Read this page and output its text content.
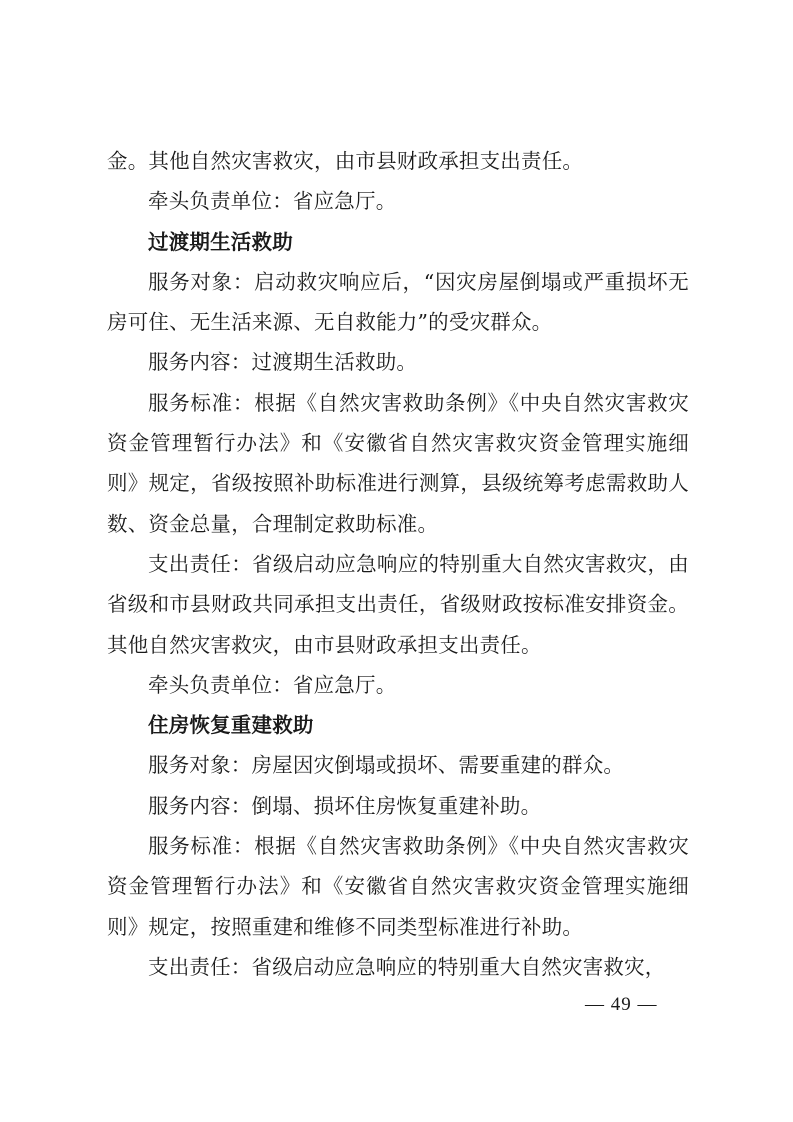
金。其他自然灾害救灾，由市县财政承担支出责任。

牵头负责单位：省应急厅。

过渡期生活救助

服务对象：启动救灾响应后，“因灾房屋倒塌或严重损坏无房可住、无生活来源、无自救能力”的受灾群众。

服务内容：过渡期生活救助。

服务标准：根据《自然灾害救助条例》《中央自然灾害救灾资金管理暂行办法》和《安徽省自然灾害救灾资金管理实施细则》规定，省级按照补助标准进行测算，县级统筹考虑需救助人数、资金总量，合理制定救助标准。

支出责任：省级启动应急响应的特别重大自然灾害救灾，由省级和市县财政共同承担支出责任，省级财政按标准安排资金。其他自然灾害救灾，由市县财政承担支出责任。

牵头负责单位：省应急厅。

住房恢复重建救助

服务对象：房屋因灾倒塌或损坏、需要重建的群众。

服务内容：倒塌、损坏住房恢复重建补助。

服务标准：根据《自然灾害救助条例》《中央自然灾害救灾资金管理暂行办法》和《安徽省自然灾害救灾资金管理实施细则》规定，按照重建和维修不同类型标准进行补助。

支出责任：省级启动应急响应的特别重大自然灾害救灾，

— 49 —
